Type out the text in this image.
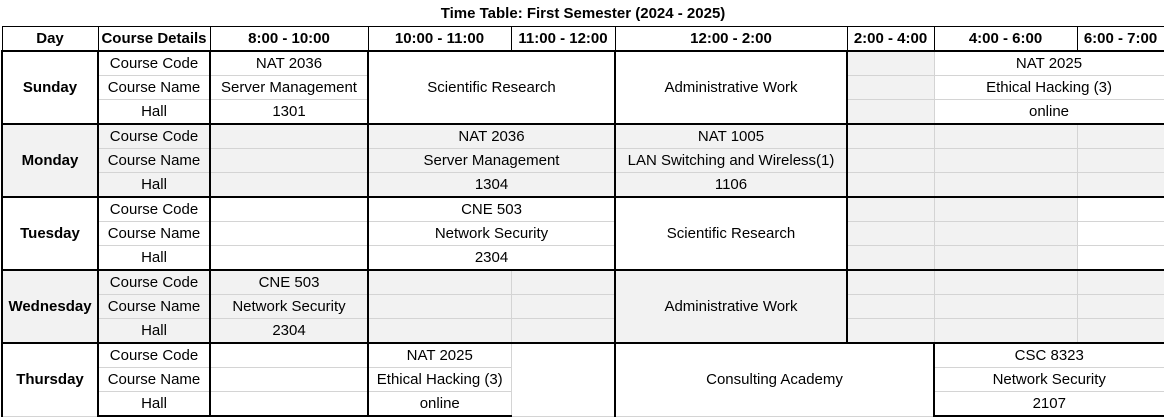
Time Table: First Semester (2024 - 2025)								
Day	Course Details	8:00 - 10:00	10:00 - 11:00	11:00 - 12:00	12:00 - 2:00	2:00 - 4:00	4:00 - 6:00	6:00 - 7:00
Sunday	Course Code	NAT 2036	Scientific Research		Administrative Work		NAT 2025	
	Course Name	Server Management					Ethical Hacking (3)	
	Hall	1301					online	
Monday	Course Code		NAT 2036		NAT 1005			
	Course Name		Server Management		LAN Switching and Wireless(1)			
	Hall		1304		1106			
Tuesday	Course Code		CNE 503		Scientific Research			
	Course Name		Network Security					
	Hall		2304					
Wednesday	Course Code	CNE 503			Administrative Work			
	Course Name	Network Security						
	Hall	2304						
Thursday	Course Code		NAT 2025		Consulting Academy		CSC 8323	
	Course Name		Ethical Hacking (3)				Network Security	
	Hall		online				2107	
